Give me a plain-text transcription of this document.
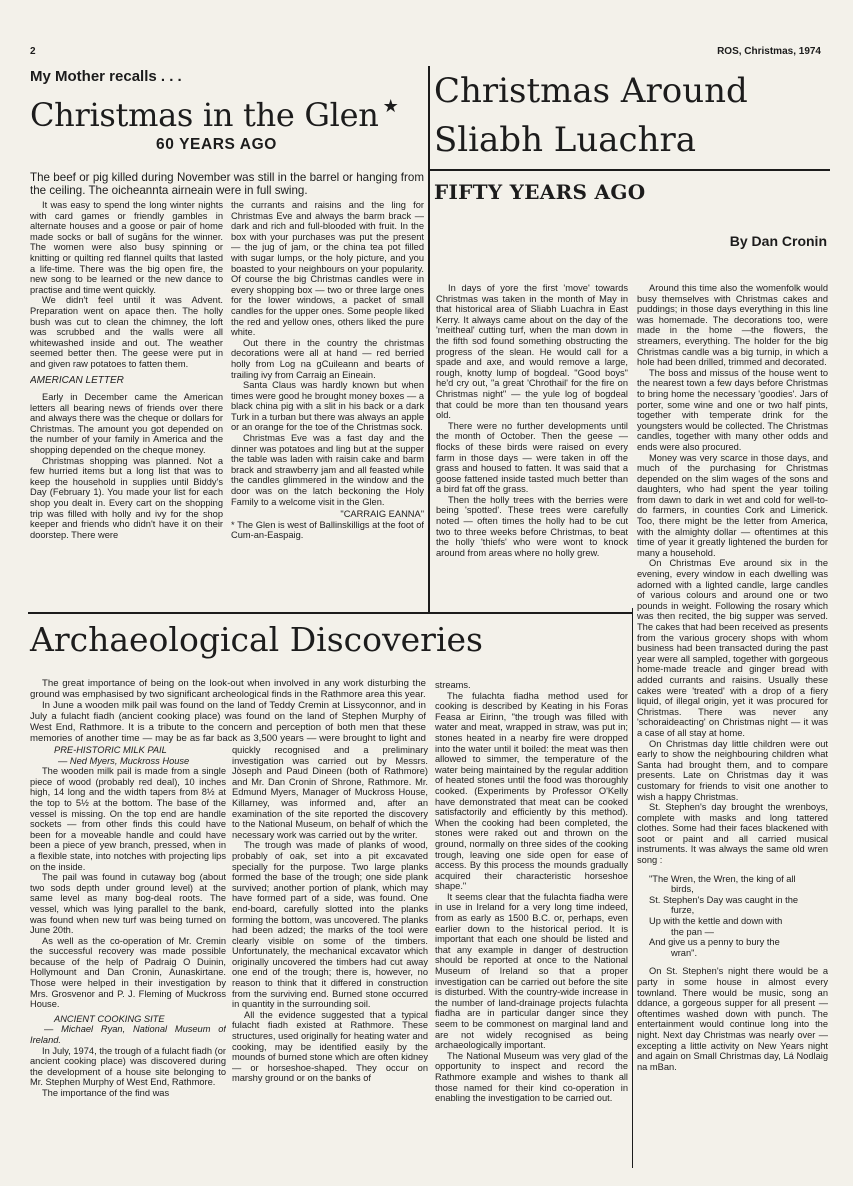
2	ROS, Christmas, 1974
My Mother recalls . . .
Christmas in the Glen ★
60 YEARS AGO
The beef or pig killed during November was still in the barrel or hanging from the ceiling. The oicheannta airneain were in full swing.

It was easy to spend the long winter nights with card games or friendly gambles in alternate houses and a goose or pair of home made socks or ball of sugāns for the winner. The women were also busy spinning or knitting or quilting red flannel quilts that lasted a life-time. There was the big open fire, the new song to be learned or the new dance to practise and time went quickly.

We didn't feel until it was Advent. Preparation went on apace then. The holly bush was cut to clean the chimney, the loft was scrubbed and the walls were all whitewashed inside and out. The weather seemed better then. The geese were put in and given raw potatoes to fatten them.

AMERICAN LETTER

Early in December came the American letters all bearing news of friends over there and always there was the cheque or dollars for Christmas. The amount you got depended on the number of your family in America and the shopping depended on the cheque money.

Christmas shopping was planned. Not a few hurried items but a long list that was to keep the household in supplies until Biddy's Day (February 1). You made your list for each shop you dealt in. Every cart on the shopping trip was filled with holly and ivy for the shop keeper and friends who didn't have it on their doorstep. There were

the currants and raisins and the ling for Christmas Eve and always the barm brack — dark and rich and full-blooded with fruit. In the box with your purchases was put the present — the jug of jam, or the china tea pot filled with sugar lumps, or the holy picture, and you boasted to your neighbours on your popularity. Of course the big Christmas candles were in every shopping box — two or three large ones for the lower windows, a packet of small candles for the upper ones. Some people liked the red and yellow ones, others liked the pure white.

Out there in the country the christmas decorations were all at hand — red berried holly from Log na gCuileann and bearts of trailing ivy from Carraig an Eineain.

Santa Claus was hardly known but when times were good he brought money boxes — a black china pig with a slit in his back or a dark Turk in a turban but there was always an apple or an orange for the toe of the Christmas sock.

Christmas Eve was a fast day and the dinner was potatoes and ling but at the supper the table was laden with raisin cake and barm brack and strawberry jam and all feasted while the candles glimmered in the window and the door was on the latch beckoning the Holy Family to a welcome visit in the Glen.

"CARRAIG EANNA"

* The Glen is west of Ballinskilligs at the foot of Cum-an-Easpaig.

Christmas Around
Sliabh Luachra
FIFTY YEARS AGO
By Dan Cronin

In days of yore the first 'move' towards Christmas was taken in the month of May in that historical area of Sliabh Luachra in East Kerry. It always came about on the day of the 'meitheal' cutting turf, when the man down in the fifth sod found something obstructing the progress of the slean. He would call for a spade and axe, and would remove a large, rough, knotty lump of bogdeal. "Good boys" he'd cry out, "a great 'Chrothail' for the fire on Christmas night" — the yule log of bogdeal that could be more than ten thousand years old.

There were no further developments until the month of October. Then the geese — flocks of these birds were raised on every farm in those days — were taken in off the grass and housed to fatten. It was said that a goose fattened inside tasted much better than a bird fat off the grass.

Then the holly trees with the berries were being 'spotted'. These trees were carefully noted — often times the holly had to be cut two to three weeks before Christmas, to beat the holly 'thiefs' who were wont to knock around from areas where no holly grew.

Around this time also the womenfolk would busy themselves with Christmas cakes and puddings; in those days everything in this line was homemade. The decorations too, were made in the home —the flowers, the streamers, everything. The holder for the big Christmas candle was a big turnip, in which a hole had been drilled, trimmed and decorated.

The boss and missus of the house went to the nearest town a few days before Christmas to bring home the necessary 'goodies'. Jars of porter, some wine and one or two half pints, together with temperate drink for the youngsters would be collected. The Christmas candles, together with many other odds and ends were also procured.

Money was very scarce in those days, and much of the purchasing for Christmas depended on the slim wages of the sons and daughters, who had spent the year toiling from dawn to dark in wet and cold for well-to-do farmers, in counties Cork and Limerick. Too, there might be the letter from America, with the almighty dollar — oftentimes at this time of year it greatly lightened the burden for many a household.

On Christmas Eve around six in the evening, every window in each dwelling was adorned with a lighted candle, large candles of various colours and around one or two pounds in weight. Following the rosary which was then recited, the big supper was served. The cakes that had been received as presents from the various grocery shops with whom business had been transacted during the past year were all sampled, together with gorgeous home-made treacle and ginger bread with added currants and raisins. Usually these cakes were 'treated' with a drop of a fiery liquid, of illegal origin, yet it was procured for Christmas. There was never any 'schoraideacting' on Christmas night — it was a case of all stay at home.

On Christmas day little children were out early to show the neighbouring children what Santa had brought them, and to compare presents. Late on Christmas day it was customary for friends to visit one another to wish a happy Christmas.

St. Stephen's day brought the wrenboys, complete with masks and long tattered clothes. Some had their faces blackened with soot or paint and all carried musical instruments. It was always the same old wren song :

"The Wren, the Wren, the king of all

birds,

St. Stephen's Day was caught in the

furze,

Up with the kettle and down with

the pan —

And give us a penny to bury the

wran".

On St. Stephen's night there would be a party in some house in almost every townland. There would be music, song an ddance, a gorgeous supper for all present — oftentimes washed down with punch. The entertainment would continue long into the night. Next day Christmas was nearly over — excepting a little activity on New Years night and again on Small Christmas day, Lá Nodlaig na mBan.

Archaeological Discoveries

The great importance of being on the look-out when involved in any work disturbing the ground was emphasised by two significant archeological finds in the Rathmore area this year.

In June a wooden milk pail was found on the land of Teddy Cremin at Lissyconnor, and in July a fulacht fiadh (ancient cooking place) was found on the land of Stephen Murphy of West End, Rathmore. It is a tribute to the concern and perception of both men that these memories of another time — may be as far back as 3,500 years — were brought to light and

PRE-HISTORIC MILK PAIL

— Ned Myers, Muckross House

The wooden milk pail is made from a single piece of wood (probably red deal), 10 inches high, 14 long and the width tapers from 8½ at the top to 5½ at the bottom. The base of the vessel is missing. On the top end are handle sockets — from other finds this could have been for a moveable handle and could have been a piece of yew branch, pressed, when in a flexible state, into notches with projecting lips on the inside.

The pail was found in cutaway bog (about two sods depth under ground level) at the same level as many bog-deal roots. The vessel, which was lying parallel to the bank, was found when new turf was being turned on June 20th.

As well as the co-operation of Mr. Cremin the successful recovery was made possible because of the help of Padraig O Duinin, Hollymount and Dan Cronin, Aunaskirtane. Those were helped in their investigation by Mrs. Grosvenor and P. J. Fleming of Muckross House.

ANCIENT COOKING SITE

— Michael Ryan, National Museum of Ireland.

In July, 1974, the trough of a fulacht fiadh (or ancient cooking place) was discovered during the development of a house site belonging to Mr. Stephen Murphy of West End, Rathmore.

The importance of the find was

quickly recognised and a preliminary investigation was carried out by Messrs. Jòseph and Paud Dineen (both of Rathmore) and Mr. Dan Cronin of Shrone, Rathmore. Mr. Edmund Myers, Manager of Muckross House, Killarney, was informed and, after an examination of the site reported the discovery to the National Museum, on behalf of which the necessary work was carried out by the writer.

The trough was made of planks of wood, probably of oak, set into a pit excavated specially for the purpose. Two large planks formed the base of the trough; one side plank survived; another portion of plank, which may have formed part of a side, was found. One end-board, carefully slotted into the planks forming the bottom, was uncovered. The planks had been adzed; the marks of the tool were clearly visible on some of the timbers. Unfortunately, the mechanical excavator which originally uncovered the timbers had cut away one end of the trough; there is, however, no reason to think that it differed in construction from the surviving end. Burned stone occurred in quantity in the surrounding soil.

All the evidence suggested that a typical fulacht fiadh existed at Rathmore. These structures, used originally for heating water and cooking, may be identified easily by the mounds of burned stone which are often kidney — or horseshoe-shaped. They occur on marshy ground or on the banks of

streams.

The fulachta fiadha method used for cooking is described by Keating in his Foras Feasa ar Eirinn, "the trough was filled with water and meat, wrapped in straw, was put in; stones heated in a nearby fire were dropped into the water until it boiled: the meat was then allowed to simmer, the temperature of the water being maintained by the regular addition of heated stones until the food was thoroughly cooked. (Experiments by Professor O'Kelly have demonstrated that meat can be cooked satisfactorily and efficiently by this method). When the cooking had been completed, the stones were raked out and thrown on the ground, normally on three sides of the cooking trough, leaving one side open for ease of access. By this process the mounds gradually acquired their characteristic horseshoe shape."

It seems clear that the fulachta fiadha were in use in Ireland for a very long time indeed, from as early as 1500 B.C. or, perhaps, even earlier down to the historical period. It is important that each one should be listed and that any example in danger of destruction should be reported at once to the National Museum of Ireland so that a proper investigation can be carried out before the site is disturbed. With the country-wide increase in the number of land-drainage projects fulachta fiadha are in particular danger since they seem to be commonest on marginal land and are not widely recognised as being archaeologically important.

The National Museum was very glad of the opportunity to inspect and record the Rathmore example and wishes to thank all those named for their kind co-operation in enabling the investigation to be carried out.
